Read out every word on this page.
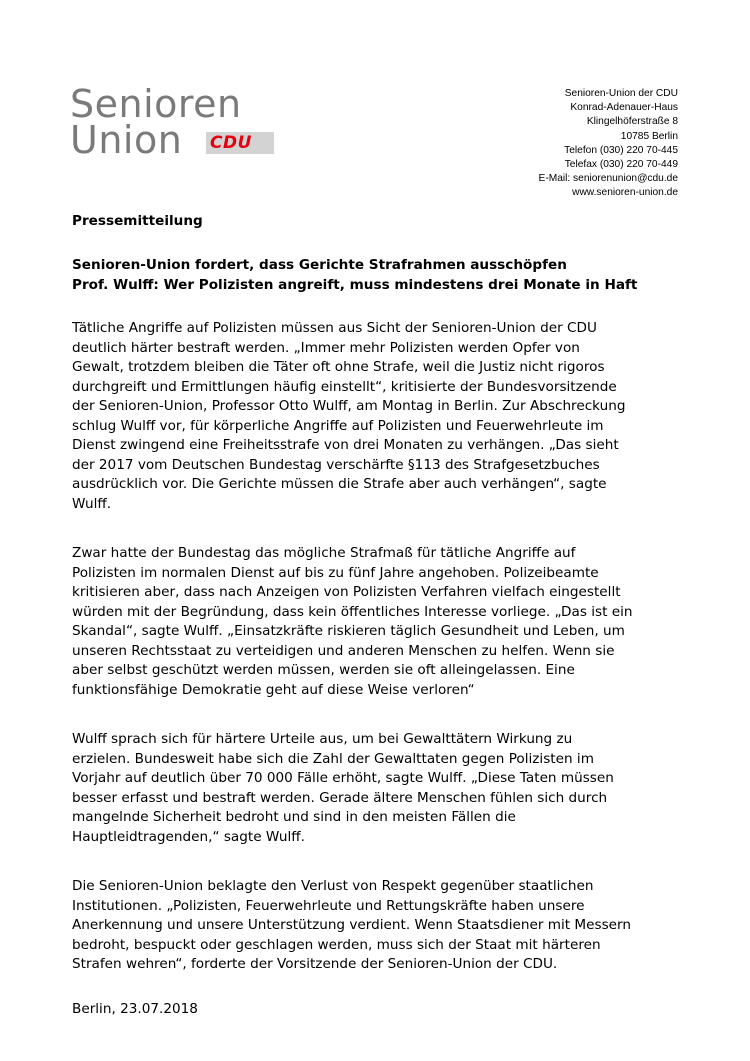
Senioren
Union CDU
Senioren-Union der CDU
Konrad-Adenauer-Haus
Klingelhöferstraße 8
10785 Berlin
Telefon (030) 220 70-445
Telefax (030) 220 70-449
E-Mail: seniorenunion@cdu.de
www.senioren-union.de
Pressemitteilung
Senioren-Union fordert, dass Gerichte Strafrahmen ausschöpfen
Prof. Wulff: Wer Polizisten angreift, muss mindestens drei Monate in Haft
Tätliche Angriffe auf Polizisten müssen aus Sicht der Senioren-Union der CDU
deutlich härter bestraft werden. „Immer mehr Polizisten werden Opfer von
Gewalt, trotzdem bleiben die Täter oft ohne Strafe, weil die Justiz nicht rigoros
durchgreift und Ermittlungen häufig einstellt“, kritisierte der Bundesvorsitzende
der Senioren-Union, Professor Otto Wulff, am Montag in Berlin. Zur Abschreckung
schlug Wulff vor, für körperliche Angriffe auf Polizisten und Feuerwehrleute im
Dienst zwingend eine Freiheitsstrafe von drei Monaten zu verhängen. „Das sieht
der 2017 vom Deutschen Bundestag verschärfte §113 des Strafgesetzbuches
ausdrücklich vor. Die Gerichte müssen die Strafe aber auch verhängen“, sagte
Wulff.
Zwar hatte der Bundestag das mögliche Strafmaß für tätliche Angriffe auf
Polizisten im normalen Dienst auf bis zu fünf Jahre angehoben. Polizeibeamte
kritisieren aber, dass nach Anzeigen von Polizisten Verfahren vielfach eingestellt
würden mit der Begründung, dass kein öffentliches Interesse vorliege. „Das ist ein
Skandal“, sagte Wulff. „Einsatzkräfte riskieren täglich Gesundheit und Leben, um
unseren Rechtsstaat zu verteidigen und anderen Menschen zu helfen. Wenn sie
aber selbst geschützt werden müssen, werden sie oft alleingelassen. Eine
funktionsfähige Demokratie geht auf diese Weise verloren“
Wulff sprach sich für härtere Urteile aus, um bei Gewalttätern Wirkung zu
erzielen. Bundesweit habe sich die Zahl der Gewalttaten gegen Polizisten im
Vorjahr auf deutlich über 70 000 Fälle erhöht, sagte Wulff. „Diese Taten müssen
besser erfasst und bestraft werden. Gerade ältere Menschen fühlen sich durch
mangelnde Sicherheit bedroht und sind in den meisten Fällen die
Hauptleidtragenden,“ sagte Wulff.
Die Senioren-Union beklagte den Verlust von Respekt gegenüber staatlichen
Institutionen. „Polizisten, Feuerwehrleute und Rettungskräfte haben unsere
Anerkennung und unsere Unterstützung verdient. Wenn Staatsdiener mit Messern
bedroht, bespuckt oder geschlagen werden, muss sich der Staat mit härteren
Strafen wehren“, forderte der Vorsitzende der Senioren-Union der CDU.
Berlin, 23.07.2018
